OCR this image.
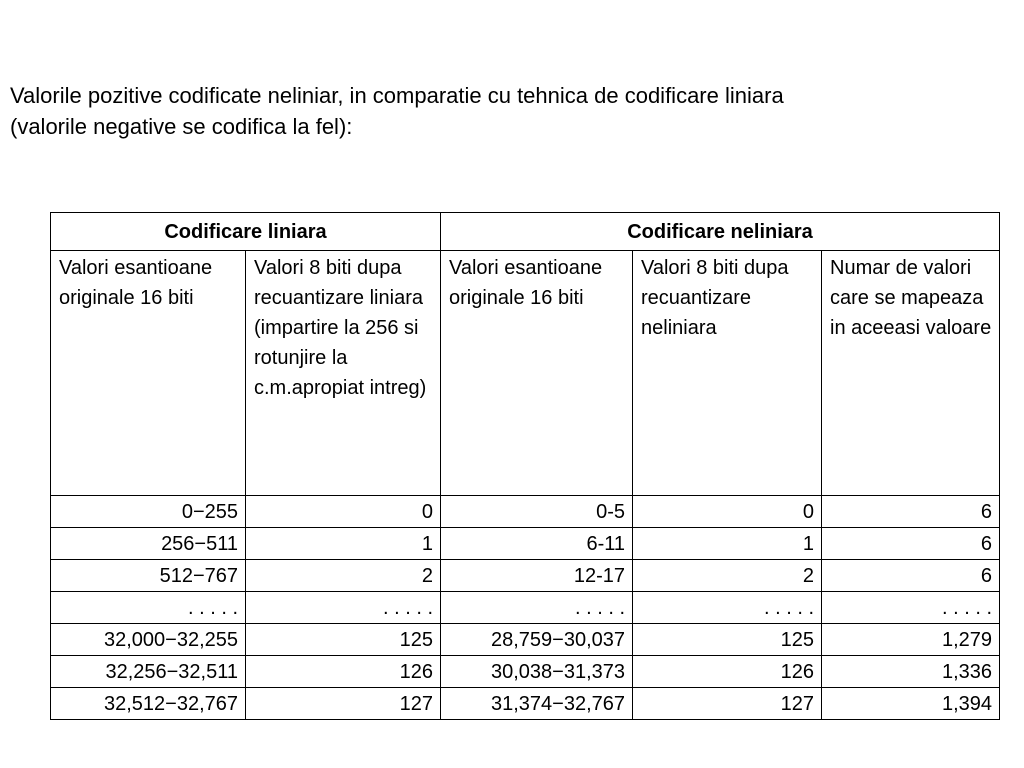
Valorile pozitive codificate neliniar, in comparatie cu tehnica de codificare liniara
(valorile negative se codifica la fel):

Codificare liniara		Codificare neliniara		
Valori esantioane originale 16 biti	Valori 8 biti dupa recuantizare liniara (impartire la 256 si rotunjire la c.m.apropiat intreg)	Valori esantioane originale 16 biti	Valori 8 biti dupa recuantizare neliniara	Numar de valori care se mapeaza in aceeasi valoare
0−255	0	0-5	0	6
256−511	1	6-11	1	6
512−767	2	12-17	2	6
. . . . .	. . . . .	. . . . .	. . . . .	. . . . .
32,000−32,255	125	28,759−30,037	125	1,279
32,256−32,511	126	30,038−31,373	126	1,336
32,512−32,767	127	31,374−32,767	127	1,394
